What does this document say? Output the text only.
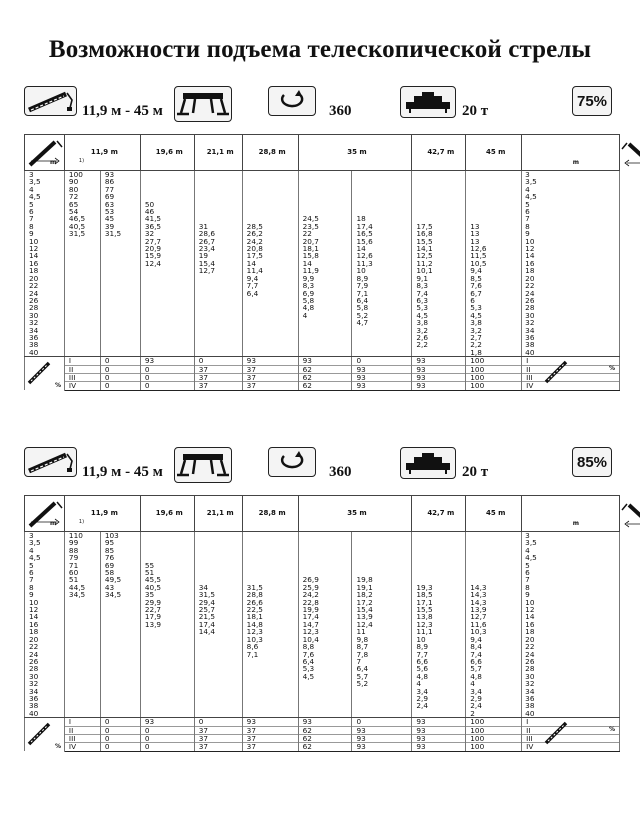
Возможности подъема телескопической стрелы
11,9 м - 45 м	360	20 т
75%
m	11,9 m
1)		19,6 m	21,1 m	28,8 m	35 m		42,7 m	45 m	m

3	100	93								3
3,5	90	86								3,5
4	80	77								4
4,5	72	69								4,5
5	65	63	50							5
6	54	53	46							6
7	46,5	45	41,5			24,5	18			7
8	40,5	39	36,5	31	28,5	23,5	17,4	17,5	13	8
9	31,5	31,5	32	28,6	26,2	22	16,5	16,8	13	9
10			27,7	26,7	24,2	20,7	15,6	15,5	13	10
12			20,9	23,4	20,8	18,1	14	14,1	12,6	12
14			15,9	19	17,5	15,8	12,6	12,5	11,5	14
16			12,4	15,4	14	14	11,3	11,2	10,5	16
18				12,7	11,4	11,9	10	10,1	9,4	18
20					9,4	9,9	8,9	9,1	8,5	20
22					7,7	8,3	7,9	8,3	7,6	22
24					6,4	6,9	7,1	7,4	6,7	24
26						5,8	6,4	6,3	6	26
28						4,8	5,8	5,3	5,3	28
30						4	5,2	4,5	4,5	30
32							4,7	3,8	3,8	32
34								3,2	3,2	34
36								2,6	2,7	36
38								2,2	2,2	38
40									1,8	40

%	I	0	93	0	93	93	0	93	100	I
%

	II	0	0	37	37	62	93	93	100	II
	III	0	0	37	37	62	93	93	100	III
	IV	0	0	37	37	62	93	93	100	IV
11,9 м - 45 м	360	20 т
85%
m	11,9 m
1)		19,6 m	21,1 m	28,8 m	35 m		42,7 m	45 m	m

3	110	103								3
3,5	99	95								3,5
4	88	85								4
4,5	79	76								4,5
5	71	69	55							5
6	60	58	51							6
7	51	49,5	45,5			26,9	19,8			7
8	44,5	43	40,5	34	31,5	25,9	19,1	19,3	14,3	8
9	34,5	34,5	35	31,5	28,8	24,2	18,2	18,5	14,3	9
10			29,9	29,4	26,6	22,8	17,2	17,1	14,3	10
12			22,7	25,7	22,5	19,9	15,4	15,5	13,9	12
14			17,9	21,5	18,1	17,4	13,9	13,8	12,7	14
16			13,9	17,4	14,8	14,7	12,4	12,3	11,6	16
18				14,4	12,3	12,3	11	11,1	10,3	18
20					10,3	10,4	9,8	10	9,4	20
22					8,6	8,8	8,7	8,9	8,4	22
24					7,1	7,6	7,8	7,7	7,4	24
26						6,4	7	6,6	6,6	26
28						5,3	6,4	5,6	5,7	28
30						4,5	5,7	4,8	4,8	30
32							5,2	4	4	32
34								3,4	3,4	34
36								2,9	2,9	36
38								2,4	2,4	38
40									2	40

%	I	0	93	0	93	93	0	93	100	I
%

	II	0	0	37	37	62	93	93	100	II
	III	0	0	37	37	62	93	93	100	III
	IV	0	0	37	37	62	93	93	100	IV
